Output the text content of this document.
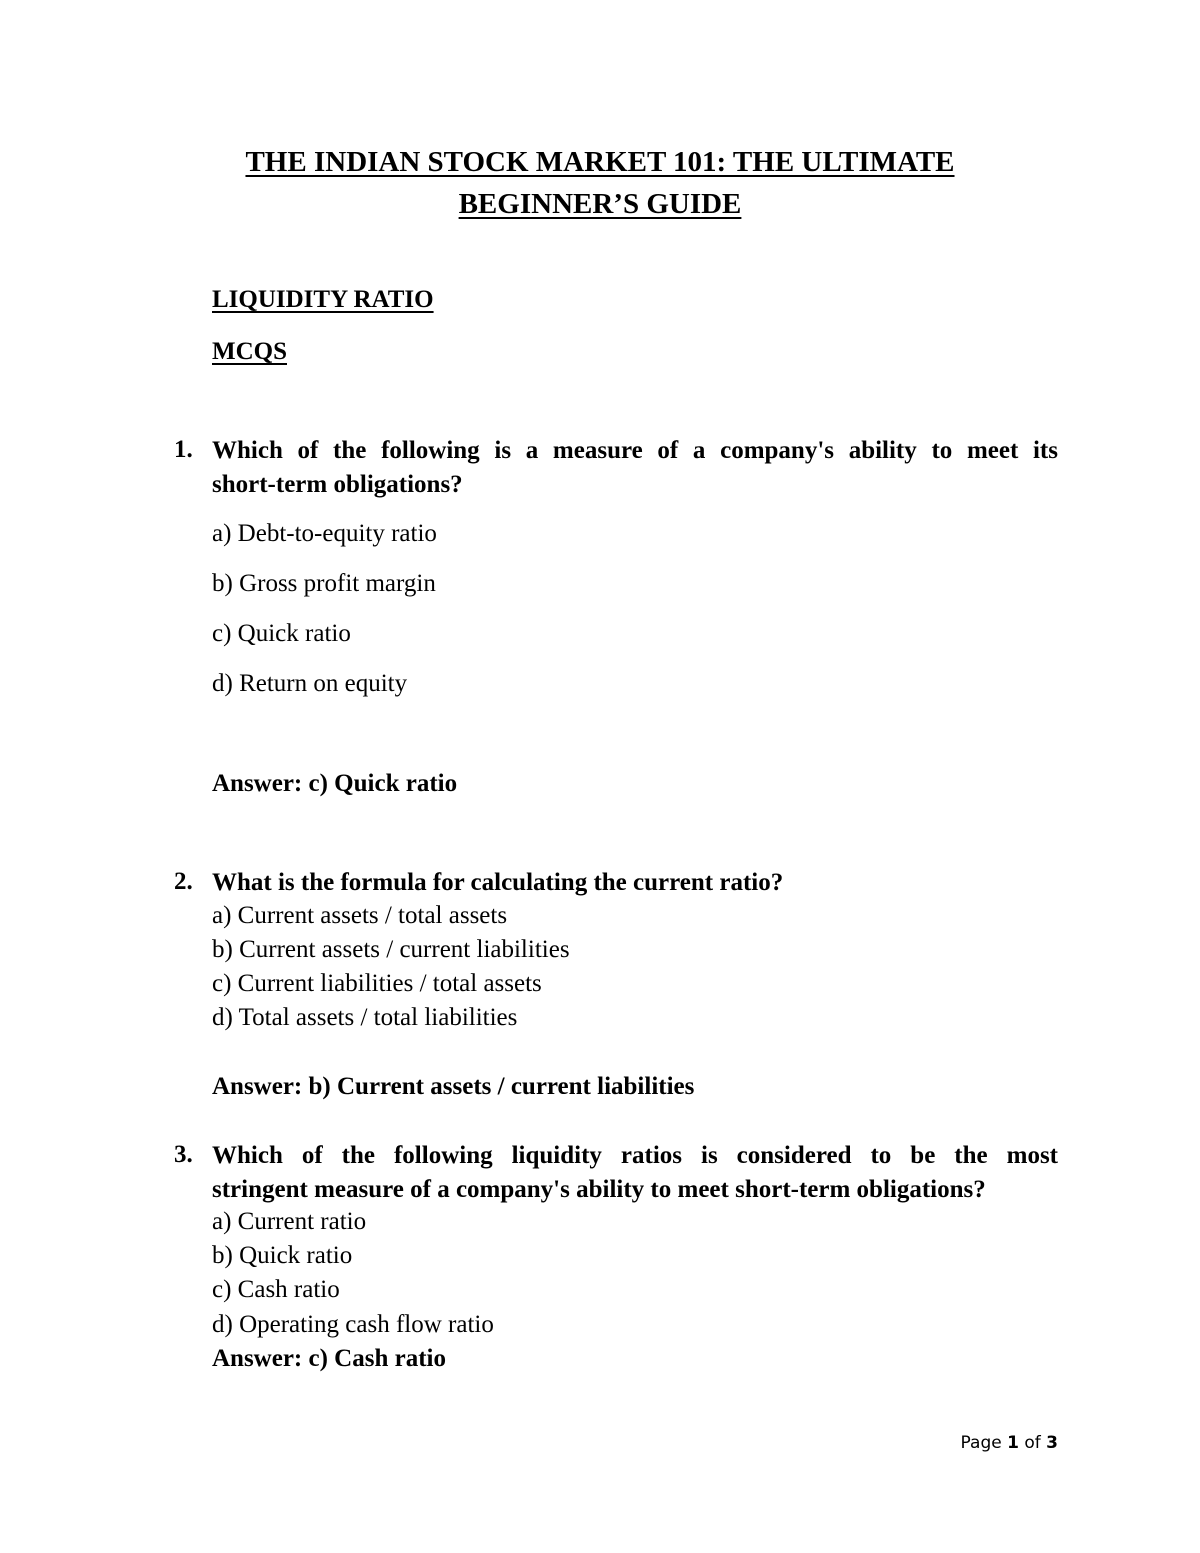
THE INDIAN STOCK MARKET 101: THE ULTIMATE
BEGINNER’S GUIDE
LIQUIDITY RATIO
MCQS
1. Which of the following is a measure of a company's ability to meet its
short-term obligations?
a) Debt-to-equity ratio
b) Gross profit margin
c) Quick ratio
d) Return on equity
Answer: c) Quick ratio
2. What is the formula for calculating the current ratio?
a) Current assets / total assets
b) Current assets / current liabilities
c) Current liabilities / total assets
d) Total assets / total liabilities
Answer: b) Current assets / current liabilities
3. Which of the following liquidity ratios is considered to be the most
stringent measure of a company's ability to meet short-term obligations?
a) Current ratio
b) Quick ratio
c) Cash ratio
d) Operating cash flow ratio
Answer: c) Cash ratio
Page 1 of 3
